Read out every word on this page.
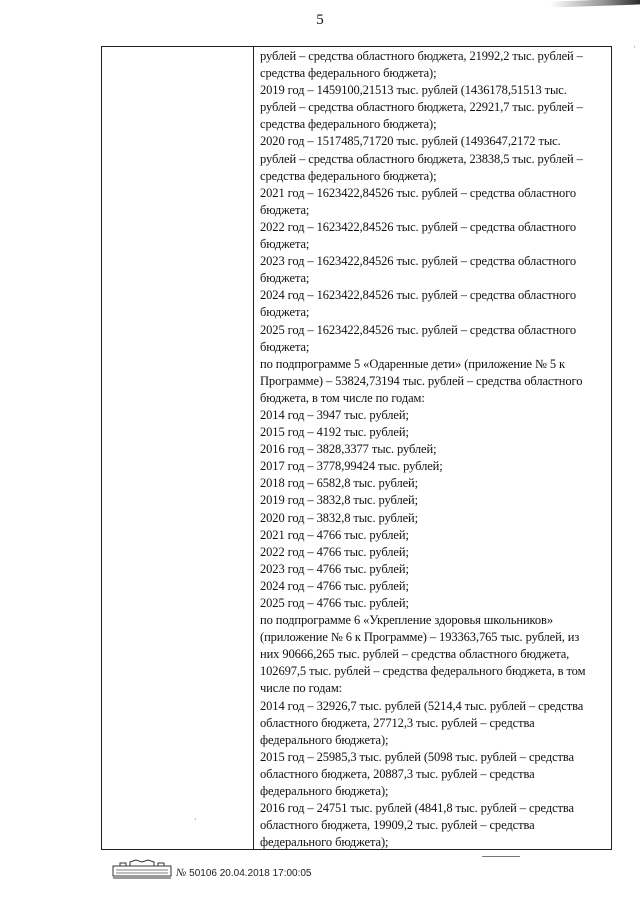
·
5
·
рублей – средства областного бюджета, 21992,2 тыс. рублей –
средства федерального бюджета);
2019 год – 1459100,21513 тыс. рублей (1436178,51513 тыс.
рублей – средства областного бюджета, 22921,7 тыс. рублей –
средства федерального бюджета);
2020 год – 1517485,71720 тыс. рублей (1493647,2172 тыс.
рублей – средства областного бюджета, 23838,5 тыс. рублей –
средства федерального бюджета);
2021 год – 1623422,84526 тыс. рублей – средства областного
бюджета;
2022 год – 1623422,84526 тыс. рублей – средства областного
бюджета;
2023 год – 1623422,84526 тыс. рублей – средства областного
бюджета;
2024 год – 1623422,84526 тыс. рублей – средства областного
бюджета;
2025 год – 1623422,84526 тыс. рублей – средства областного
бюджета;
по подпрограмме 5 «Одаренные дети» (приложение № 5 к
Программе) – 53824,73194 тыс. рублей – средства областного
бюджета, в том числе по годам:
2014 год – 3947 тыс. рублей;
2015 год – 4192 тыс. рублей;
2016 год – 3828,3377 тыс. рублей;
2017 год – 3778,99424 тыс. рублей;
2018 год – 6582,8 тыс. рублей;
2019 год – 3832,8 тыс. рублей;
2020 год – 3832,8 тыс. рублей;
2021 год – 4766 тыс. рублей;
2022 год – 4766 тыс. рублей;
2023 год – 4766 тыс. рублей;
2024 год – 4766 тыс. рублей;
2025 год – 4766 тыс. рублей;
по подпрограмме 6 «Укрепление здоровья школьников»
(приложение № 6 к Программе) – 193363,765 тыс. рублей, из
них 90666,265 тыс. рублей – средства областного бюджета,
102697,5 тыс. рублей – средства федерального бюджета, в том
числе по годам:
2014 год – 32926,7 тыс. рублей (5214,4 тыс. рублей – средства
областного бюджета, 27712,3 тыс. рублей – средства
федерального бюджета);
2015 год – 25985,3 тыс. рублей (5098 тыс. рублей – средства
областного бюджета, 20887,3 тыс. рублей – средства
федерального бюджета);
2016 год – 24751 тыс. рублей (4841,8 тыс. рублей – средства
областного бюджета, 19909,2 тыс. рублей – средства
федерального бюджета);
№ 50106 20.04.2018 17:00:05
